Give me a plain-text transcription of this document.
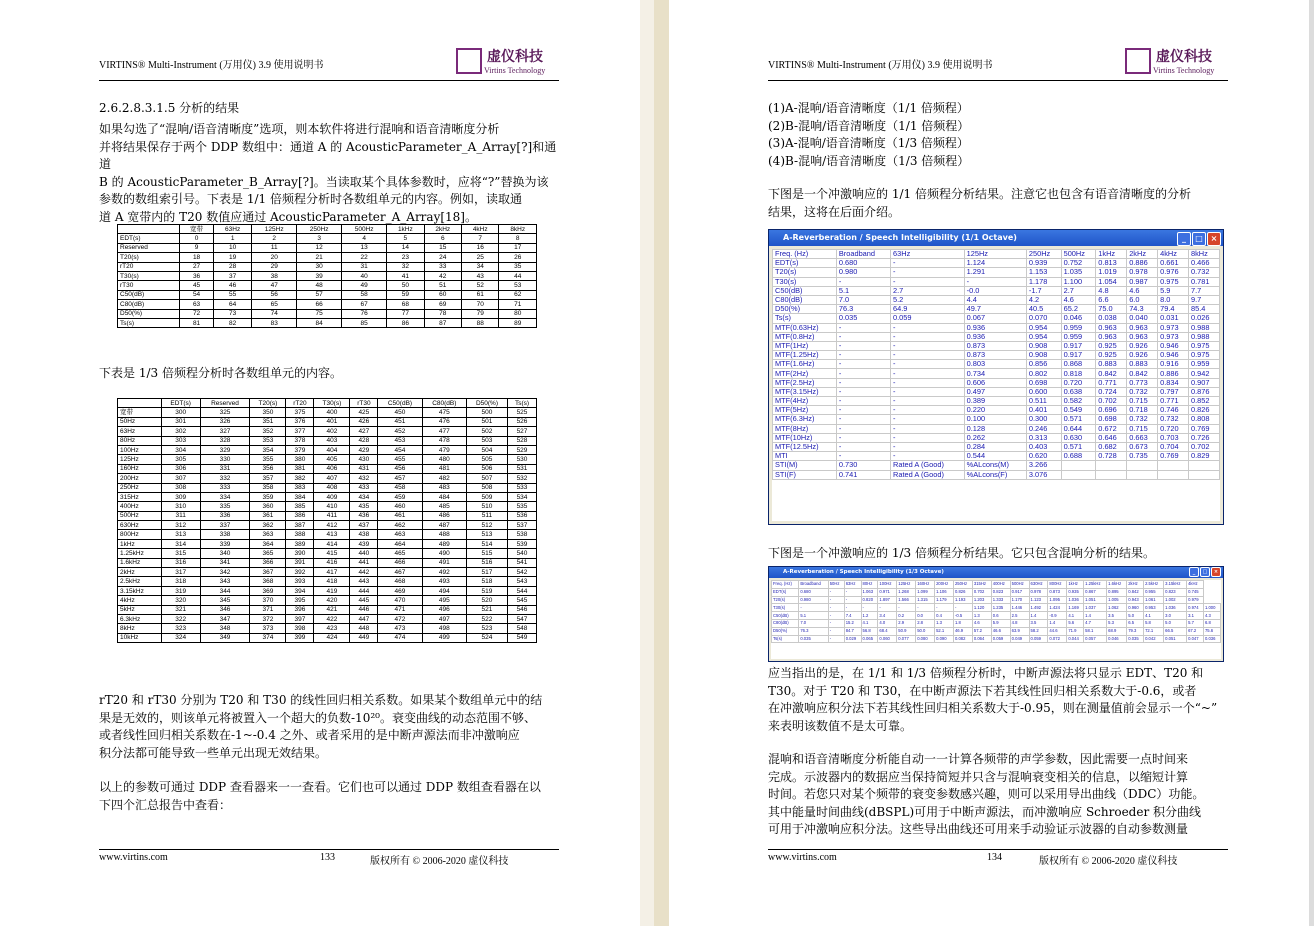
VIRTINS® Multi-Instrument (万用仪) 3.9 使用说明书
虚仪科技
Virtins Technology
2.6.2.8.3.1.5 分析的结果
如果勾选了“混响/语音清晰度”选项，则本软件将进行混响和语音清晰度分析
并将结果保存于两个 DDP 数组中：通道 A 的 AcousticParameter_A_Array[?]和通道
B 的 AcousticParameter_B_Array[?]。当读取某个具体参数时，应将“?”替换为该
参数的数组索引号。下表是 1/1 倍频程分析时各数组单元的内容。例如，读取通
道 A 宽带内的 T20 数值应通过 AcousticParameter_A_Array[18]。
	宽带	63Hz	125Hz	250Hz	500Hz	1kHz	2kHz	4kHz	8kHz
EDT(s)	0	1	2	3	4	5	6	7	8
Reserved	9	10	11	12	13	14	15	16	17
T20(s)	18	19	20	21	22	23	24	25	26
rT20	27	28	29	30	31	32	33	34	35
T30(s)	36	37	38	39	40	41	42	43	44
rT30	45	46	47	48	49	50	51	52	53
C50(dB)	54	55	56	57	58	59	60	61	62
C80(dB)	63	64	65	66	67	68	69	70	71
D50(%)	72	73	74	75	76	77	78	79	80
Ts(s)	81	82	83	84	85	86	87	88	89
下表是 1/3 倍频程分析时各数组单元的内容。
	EDT(s)	Reserved	T20(s)	rT20	T30(s)	rT30	C50(dB)	C80(dB)	D50(%)	Ts(s)
宽带	300	325	350	375	400	425	450	475	500	525
50Hz	301	326	351	376	401	426	451	476	501	526
63Hz	302	327	352	377	402	427	452	477	502	527
80Hz	303	328	353	378	403	428	453	478	503	528
100Hz	304	329	354	379	404	429	454	479	504	529
125Hz	305	330	355	380	405	430	455	480	505	530
160Hz	306	331	356	381	406	431	456	481	506	531
200Hz	307	332	357	382	407	432	457	482	507	532
250Hz	308	333	358	383	408	433	458	483	508	533
315Hz	309	334	359	384	409	434	459	484	509	534
400Hz	310	335	360	385	410	435	460	485	510	535
500Hz	311	336	361	386	411	436	461	486	511	536
630Hz	312	337	362	387	412	437	462	487	512	537
800Hz	313	338	363	388	413	438	463	488	513	538
1kHz	314	339	364	389	414	439	464	489	514	539
1.25kHz	315	340	365	390	415	440	465	490	515	540
1.6kHz	316	341	366	391	416	441	466	491	516	541
2kHz	317	342	367	392	417	442	467	492	517	542
2.5kHz	318	343	368	393	418	443	468	493	518	543
3.15kHz	319	344	369	394	419	444	469	494	519	544
4kHz	320	345	370	395	420	445	470	495	520	545
5kHz	321	346	371	396	421	446	471	496	521	546
6.3kHz	322	347	372	397	422	447	472	497	522	547
8kHz	323	348	373	398	423	448	473	498	523	548
10kHz	324	349	374	399	424	449	474	499	524	549
rT20 和 rT30 分别为 T20 和 T30 的线性回归相关系数。如果某个数组单元中的结
果是无效的，则该单元将被置入一个超大的负数-10²⁰。衰变曲线的动态范围不够、
或者线性回归相关系数在-1~-0.4 之外、或者采用的是中断声源法而非冲激响应
积分法都可能导致一些单元出现无效结果。
以上的参数可通过 DDP 查看器来一一查看。它们也可以通过 DDP 数组查看器在以
下四个汇总报告中查看：
www.virtins.com	133	版权所有 © 2006-2020 虚仪科技
VIRTINS® Multi-Instrument (万用仪) 3.9 使用说明书
虚仪科技
Virtins Technology
(1)A-混响/语音清晰度（1/1 倍频程）
(2)B-混响/语音清晰度（1/1 倍频程）
(3)A-混响/语音清晰度（1/3 倍频程）
(4)B-混响/语音清晰度（1/3 倍频程）
下图是一个冲激响应的 1/1 倍频程分析结果。注意它也包含有语音清晰度的分析
结果，这将在后面介绍。
A-Reverberation / Speech Intelligibility (1/1 Octave)	_ □ ×
Freq. (Hz)	Broadband	63Hz	125Hz	250Hz	500Hz	1kHz	2kHz	4kHz	8kHz
EDT(s)	0.680	-	1.124	0.939	0.752	0.813	0.886	0.661	0.466
T20(s)	0.980	-	1.291	1.153	1.035	1.019	0.978	0.976	0.732
T30(s)	-	-	-	1.178	1.100	1.054	0.987	0.975	0.781
C50(dB)	5.1	2.7	-0.0	-1.7	2.7	4.8	4.6	5.9	7.7
C80(dB)	7.0	5.2	4.4	4.2	4.6	6.6	6.0	8.0	9.7
D50(%)	76.3	64.9	49.7	40.5	65.2	75.0	74.3	79.4	85.4
Ts(s)	0.035	0.059	0.067	0.070	0.046	0.038	0.040	0.031	0.026
MTF(0.63Hz)	-	-	0.936	0.954	0.959	0.963	0.963	0.973	0.988
MTF(0.8Hz)	-	-	0.936	0.954	0.959	0.963	0.963	0.973	0.988
MTF(1Hz)	-	-	0.873	0.908	0.917	0.925	0.926	0.946	0.975
MTF(1.25Hz)	-	-	0.873	0.908	0.917	0.925	0.926	0.946	0.975
MTF(1.6Hz)	-	-	0.803	0.856	0.868	0.883	0.883	0.916	0.959
MTF(2Hz)	-	-	0.734	0.802	0.818	0.842	0.842	0.886	0.942
MTF(2.5Hz)	-	-	0.606	0.698	0.720	0.771	0.773	0.834	0.907
MTF(3.15Hz)	-	-	0.497	0.600	0.638	0.724	0.732	0.797	0.876
MTF(4Hz)	-	-	0.389	0.511	0.582	0.702	0.715	0.771	0.852
MTF(5Hz)	-	-	0.220	0.401	0.549	0.696	0.718	0.746	0.826
MTF(6.3Hz)	-	-	0.100	0.300	0.571	0.698	0.732	0.732	0.808
MTF(8Hz)	-	-	0.128	0.246	0.644	0.672	0.715	0.720	0.769
MTF(10Hz)	-	-	0.262	0.313	0.630	0.646	0.663	0.703	0.726
MTF(12.5Hz)	-	-	0.284	0.403	0.571	0.682	0.673	0.704	0.702
MTI	-	-	0.544	0.620	0.688	0.728	0.735	0.769	0.829
STI(M)	0.730	Rated A (Good)	%ALcons(M)	3.266					
STI(F)	0.741	Rated A (Good)	%ALcons(F)	3.076					
下图是一个冲激响应的 1/3 倍频程分析结果。它只包含混响分析的结果。
A-Reverberation / Speech Intelligibility (1/3 Octave)	_ □ ×
Freq. (Hz)	Broadband	50Hz	63Hz	80Hz	100Hz	125Hz	160Hz	200Hz	250Hz	315Hz	400Hz	500Hz	630Hz	800Hz	1kHz	1.25kHz	1.6kHz	2kHz	2.5kHz	3.15kHz	4kHz	
EDT(s)	0.680	-	-	1.063	0.971	1.268	1.099	1.106	0.826	0.702	0.823	0.917	0.978	0.873	0.935	0.867	0.895	0.842	0.955	0.823	0.745	
T20(s)	0.980	-	-	0.820	1.897	1.566	1.315	1.179	1.193	1.203	1.333	1.170	1.123	1.095	1.036	1.051	1.005	0.943	1.061	1.002	0.979	
T30(s)	-	-	-	-	-	-	-	-	-	1.120	1.235	1.446	1.492	1.424	1.169	1.037	1.062	0.960	0.953	1.036	0.974	1.000
C50(dB)	5.1	-	7.4	1.2	3.4	0.2	0.0	0.4	-0.5	1.3	0.6	2.5	1.4	-0.9	4.1	1.4	3.5	5.0	4.1	3.0	3.1	4.3
C80(dB)	7.0	-	15.2	4.1	4.0	2.9	2.8	1.3	1.8	4.6	5.9	4.8	3.5	1.4	5.6	4.7	5.3	6.5	5.8	5.0	5.7	6.8
D50(%)	76.3	-	84.7	56.8	68.4	50.9	50.0	52.1	46.9	57.2	46.6	63.9	58.2	44.6	71.9	58.1	68.9	79.3	72.1	66.5	67.2	75.6
Ts(s)	0.035	-	0.029	0.065	0.060	0.077	0.080	0.090	0.082	0.064	0.059	0.049	0.059	0.072	0.044	0.057	0.046	0.035	0.042	0.051	0.047	0.036
应当指出的是，在 1/1 和 1/3 倍频程分析时，中断声源法将只显示 EDT、T20 和
T30。对于 T20 和 T30，在中断声源法下若其线性回归相关系数大于-0.6，或者
在冲激响应积分法下若其线性回归相关系数大于-0.95，则在测量值前会显示一个“~”
来表明该数值不是太可靠。
混响和语音清晰度分析能自动一一计算各频带的声学参数，因此需要一点时间来
完成。示波器内的数据应当保持简短并只含与混响衰变相关的信息，以缩短计算
时间。若您只对某个频带的衰变参数感兴趣，则可以采用导出曲线（DDC）功能。
其中能量时间曲线(dBSPL)可用于中断声源法，而冲激响应 Schroeder 积分曲线
可用于冲激响应积分法。这些导出曲线还可用来手动验证示波器的自动参数测量
www.virtins.com	134	版权所有 © 2006-2020 虚仪科技
